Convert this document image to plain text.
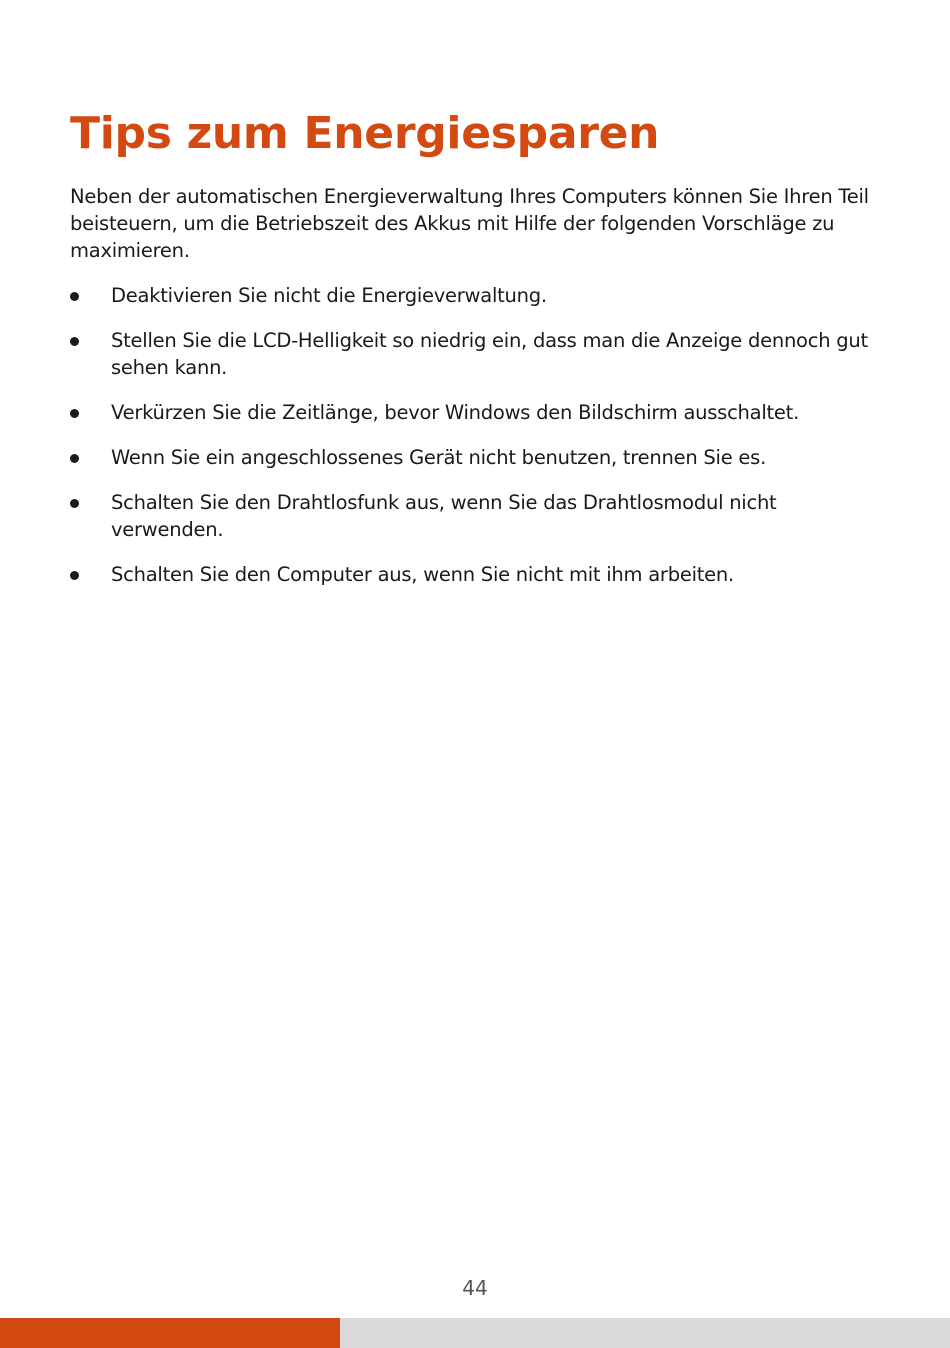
Tips zum Energiesparen

Neben der automatischen Energieverwaltung Ihres Computers können Sie Ihren Teil beisteuern, um die Betriebszeit des Akkus mit Hilfe der folgenden Vorschläge zu maximieren.

Deaktivieren Sie nicht die Energieverwaltung.
Stellen Sie die LCD-Helligkeit so niedrig ein, dass man die Anzeige dennoch gut sehen kann.
Verkürzen Sie die Zeitlänge, bevor Windows den Bildschirm ausschaltet.
Wenn Sie ein angeschlossenes Gerät nicht benutzen, trennen Sie es.
Schalten Sie den Drahtlosfunk aus, wenn Sie das Drahtlosmodul nicht verwenden.
Schalten Sie den Computer aus, wenn Sie nicht mit ihm arbeiten.
44
